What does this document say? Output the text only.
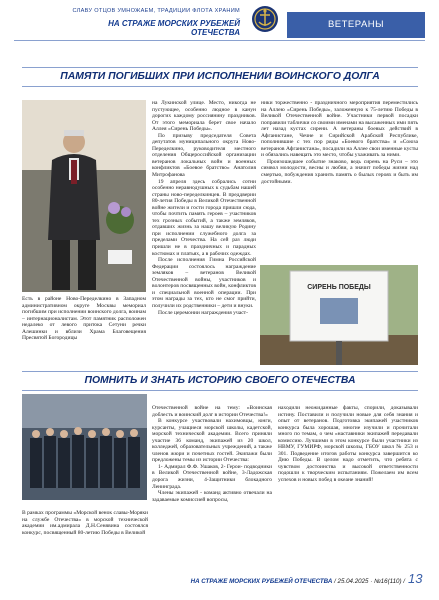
СЛАВУ ОТЦОВ УМНОЖАЕМ, ТРАДИЦИИ ФЛОТА ХРАНИМ
НА СТРАЖЕ МОРСКИХ РУБЕЖЕЙ ОТЕЧЕСТВА
ВЕТЕРАНЫ
ПАМЯТИ ПОГИБШИХ ПРИ ИСПОЛНЕНИИ ВОИНСКОГО ДОЛГА
Есть в районе Ново-Переделкино в Западном административном округе Москвы мемориал погибшим при исполнении воинского долга, воинам – интернационалистам. Этот памятник расположен недалеко от левого притока Сетуни речки Алешинки и вблизи Храма Благовещения Пресвятой Богородицы

на Лукинской улице. Место, никогда не пустующее, особенно людное в канун дорогих каждому россиянину праздников. От этого мемориала берет свое начало Аллея «Сирень Победы».

По призыву председателя Совета депутатов муниципального округа Ново-Переделкино, руководителя местного отделения Общероссийской организации ветеранов локальных войн и военных конфликтов «Боевое братство» Анатолия Митрофанова

19 апреля здесь собрались сотни особенно неравнодушных к судьбам нашей страны ново-переделкинцев. В преддверии 80-летия Победы в Великой Отечественной войне жители и гости города пришли сюда, чтобы почтить память героев – участников тех грозных событий, а также земляков, отдавших жизнь за нашу великую Родину при исполнении служебного долга за пределами Отечества. На сей раз люди пришли не в праздничных и парадных костюмах и платьях, а в рабочих одеждах.

После исполнения Гимна Российской Федерации состоялось награждение земляков – ветеранов Великой Отечественной войны, участников и волонтеров посвященных войн, конфликтов и специальной военной операции. При этом награды за тех, кто не смог прийти, получили их родственники – дети и внуки.

После церемонии награждения участ-

ники торжественно - праздничного мероприятия переместились на Аллею «Сирень Победы», заложенную к 75-летию Победы в Великой Отечественной войне. Участники первой посадки поправили таблички со своими именами на высаженных ими пять лет назад кустах сирени. А ветераны боевых действий в Афганистане, Чечне и Сирийской Арабской Республике, пополнившие с тех пор ряды «Боевого братства» и «Союза ветеранов Афганистана», посадили на Аллее свои именные кусты и обязались навещать это место, чтобы ухаживать за ними.

Произошедшее событие знаково, ведь сирень на Руси – это символ молодости, весны и любви, а значит победы жизни над смертью, побуждения хранить память о былых героях и быть им достойными.

СИРЕНЬ ПОБЕДЫ
ПОМНИТЬ И ЗНАТЬ ИСТОРИЮ СВОЕГО ОТЕЧЕСТВА
В рамках программы «Морской венок славы-Моряки на службе Отечества» в морской технической академии им.адмирала Д.Н.Сенявина состоялся конкурс, посвященный 80-летию Победы в Великой

Отечественной войне на тему: «Воинская доблесть и воинский долг в истории Отечества!»

В конкурсе участвовали нахимовцы, юнги, курсанты, учащиеся морской школы, кадетской, морской технической академии. Всего приняли участие 36 команд, экипажей из 20 школ, колледжей, образовательных учреждений, а также членов жюри и почетных гостей. Экипажи были предложены темы из истории Отечества:

1- Адмирал Ф.Ф. Ушаков, 2- Герои- подводники в Великой Отечественной войне, 3-Ладожская дорога жизни, 4-Защитники блокадного Ленинграда.

Члены экипажей - команд активно отвечали на задаваемые комиссией вопросы,

находили неожиданные факты, спорили, доказывали истину. Поставили и получили новые для себя знания и опыт от ветеранов. Подготовка экипажей участников конкурса была хорошая, многие изучили и прочитали много по темам, о чем «наставники экипажей передавали комиссию. Лучшими в этом конкурсе были участники из НВМУ, ГУМИРФ, морской школы, ГБОУ школ № 253 и 301. Подведение итогов работы конкурса завершится ко Дню Победы. В целом надо отметить, что ребята с чувством достоинства и высокой ответственности подошли к творческим испытаниям. Пожелаем им всем успехов и новых побед в океане знаний!

НА СТРАЖЕ МОРСКИХ РУБЕЖЕЙ ОТЕЧЕСТВА / 25.04.2025 · №16(110) / 13
